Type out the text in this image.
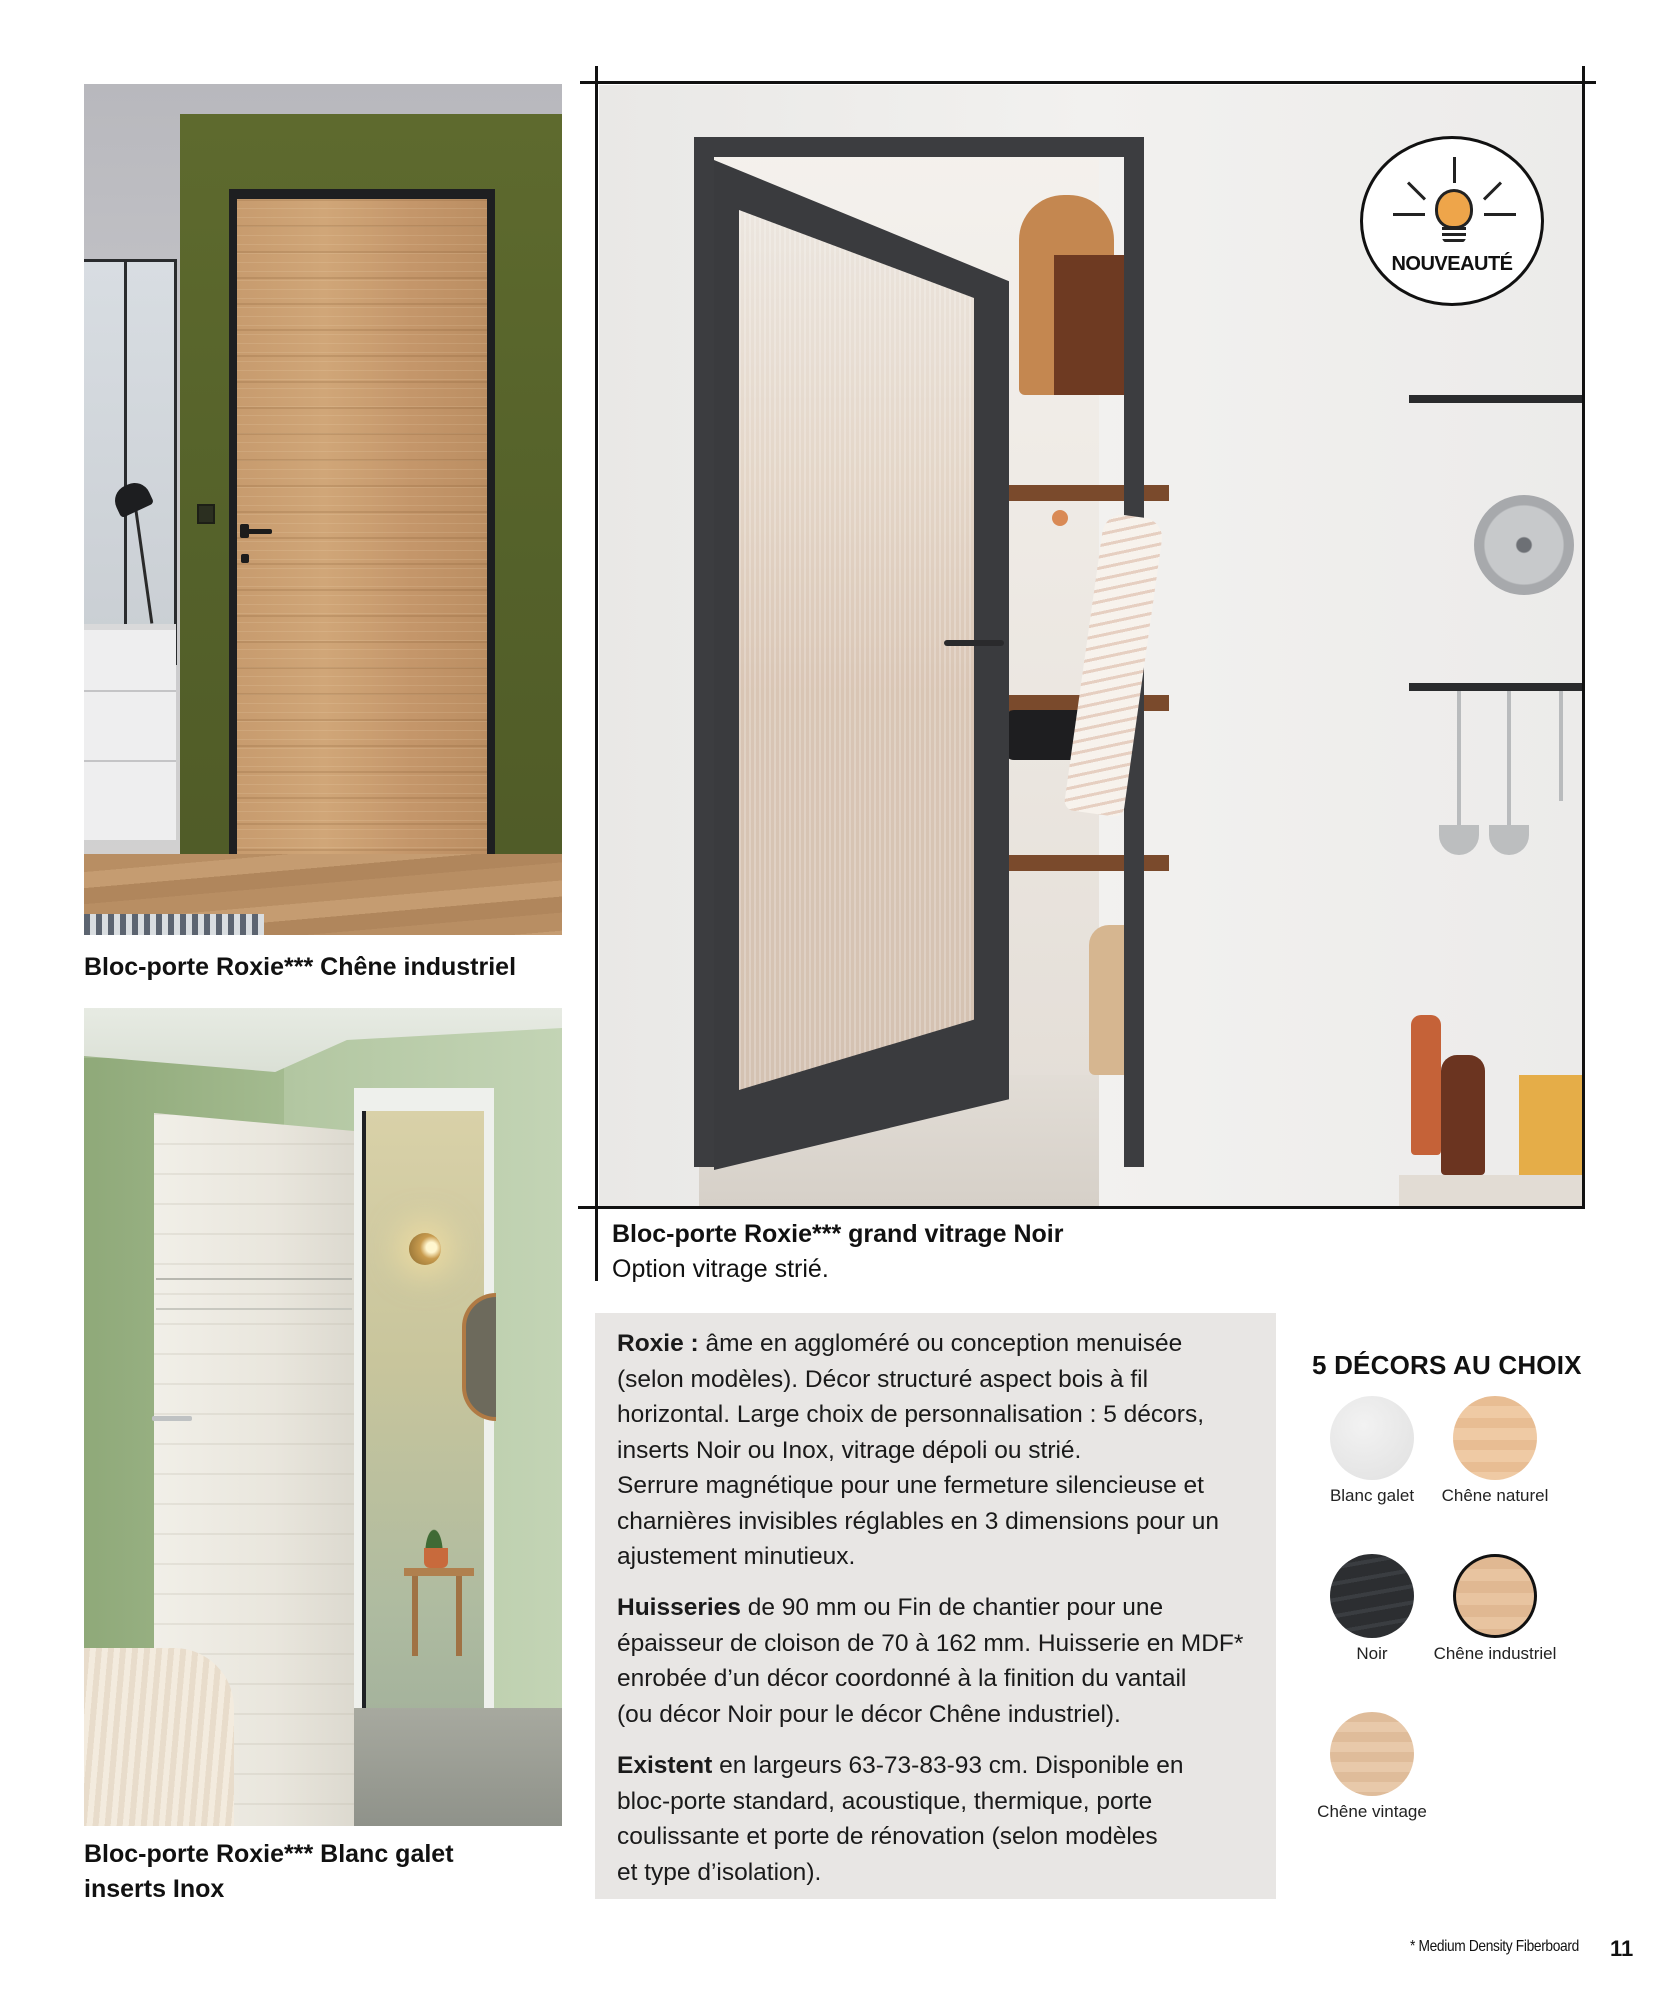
Bloc-porte Roxie*** Chêne industriel
Bloc-porte Roxie*** Blanc galet
inserts Inox
NOUVEAUTÉ
Bloc-porte Roxie*** grand vitrage Noir
Option vitrage strié.
Roxie : âme en aggloméré ou conception menuisée
(selon modèles). Décor structuré aspect bois à fil
horizontal. Large choix de personnalisation : 5 décors,
inserts Noir ou Inox, vitrage dépoli ou strié.
Serrure magnétique pour une fermeture silencieuse et
charnières invisibles réglables en 3 dimensions pour un
ajustement minutieux.
Huisseries de 90 mm ou Fin de chantier pour une
épaisseur de cloison de 70 à 162 mm. Huisserie en MDF*
enrobée d’un décor coordonné à la finition du vantail
(ou décor Noir pour le décor Chêne industriel).
Existent en largeurs 63-73-83-93 cm. Disponible en
bloc-porte standard, acoustique, thermique, porte
coulissante et porte de rénovation (selon modèles
et type d’isolation).
5 DÉCORS AU CHOIX
Blanc galet	Chêne naturel
Noir	Chêne industriel
Chêne vintage
* Medium Density Fiberboard 11
